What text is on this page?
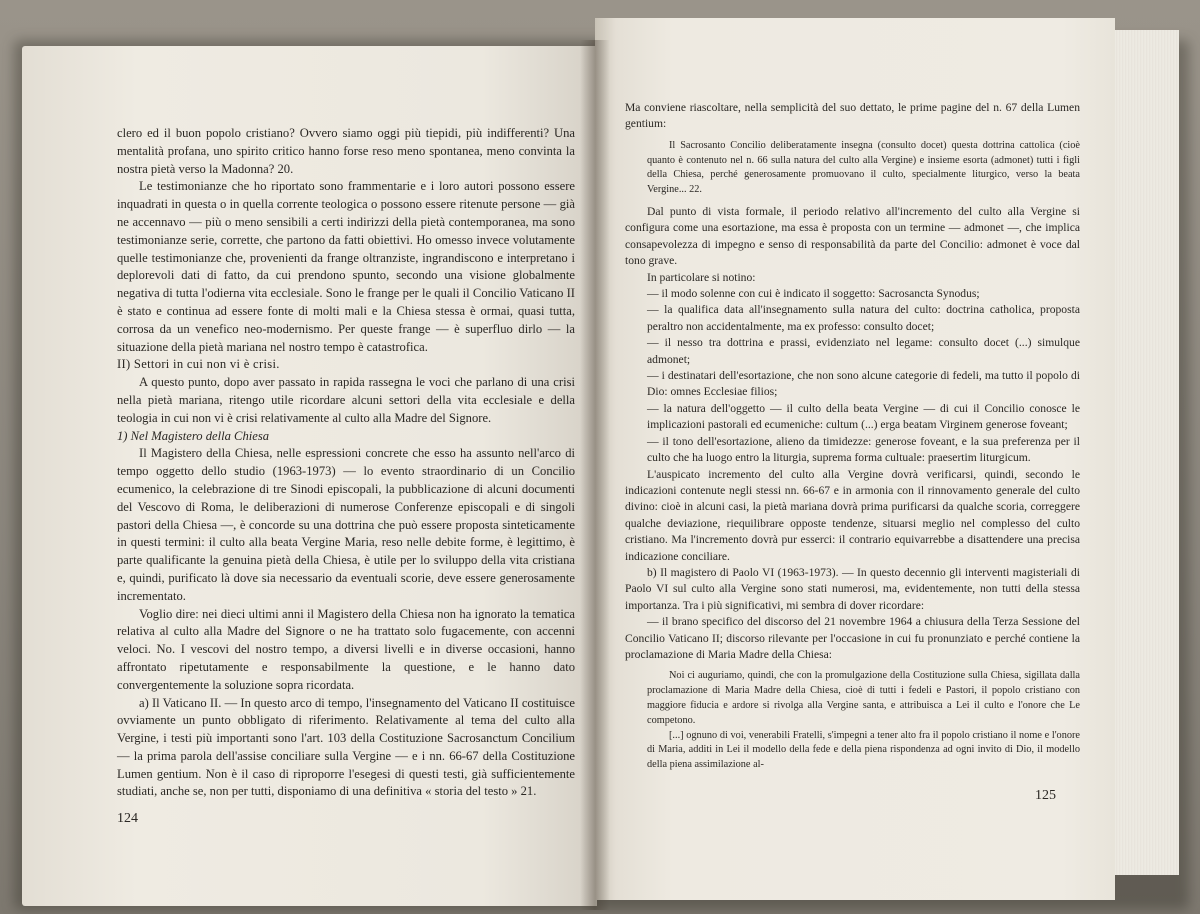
clero ed il buon popolo cristiano? Ovvero siamo oggi più tiepidi, più indifferenti? Una mentalità profana, uno spirito critico hanno forse reso meno spontanea, meno convinta la nostra pietà verso la Madonna? 20.

Le testimonianze che ho riportato sono frammentarie e i loro autori possono essere inquadrati in questa o in quella corrente teologica o possono essere ritenute persone — già ne accennavo — più o meno sensibili a certi indirizzi della pietà contemporanea, ma sono testimonianze serie, corrette, che partono da fatti obiettivi. Ho omesso invece volutamente quelle testimonianze che, provenienti da frange oltranziste, ingrandiscono e interpretano i deplorevoli dati di fatto, da cui prendono spunto, secondo una visione globalmente negativa di tutta l'odierna vita ecclesiale. Sono le frange per le quali il Concilio Vaticano II è stato e continua ad essere fonte di molti mali e la Chiesa stessa è ormai, quasi tutta, corrosa da un venefico neo-modernismo. Per queste frange — è superfluo dirlo — la situazione della pietà mariana nel nostro tempo è catastrofica.

II) Settori in cui non vi è crisi.

A questo punto, dopo aver passato in rapida rassegna le voci che parlano di una crisi nella pietà mariana, ritengo utile ricordare alcuni settori della vita ecclesiale e della teologia in cui non vi è crisi relativamente al culto alla Madre del Signore.

1) Nel Magistero della Chiesa

Il Magistero della Chiesa, nelle espressioni concrete che esso ha assunto nell'arco di tempo oggetto dello studio (1963-1973) — lo evento straordinario di un Concilio ecumenico, la celebrazione di tre Sinodi episcopali, la pubblicazione di alcuni documenti del Vescovo di Roma, le deliberazioni di numerose Conferenze episcopali e di singoli pastori della Chiesa —, è concorde su una dottrina che può essere proposta sinteticamente in questi termini: il culto alla beata Vergine Maria, reso nelle debite forme, è legittimo, è parte qualificante la genuina pietà della Chiesa, è utile per lo sviluppo della vita cristiana e, quindi, purificato là dove sia necessario da eventuali scorie, deve essere generosamente incrementato.

Voglio dire: nei dieci ultimi anni il Magistero della Chiesa non ha ignorato la tematica relativa al culto alla Madre del Signore o ne ha trattato solo fugacemente, con accenni veloci. No. I vescovi del nostro tempo, a diversi livelli e in diverse occasioni, hanno affrontato ripetutamente e responsabilmente la questione, e le hanno dato convergentemente la soluzione sopra ricordata.

a) Il Vaticano II. — In questo arco di tempo, l'insegnamento del Vaticano II costituisce ovviamente un punto obbligato di riferimento. Relativamente al tema del culto alla Vergine, i testi più importanti sono l'art. 103 della Costituzione Sacrosanctum Concilium — la prima parola dell'assise conciliare sulla Vergine — e i nn. 66-67 della Costituzione Lumen gentium. Non è il caso di riproporre l'esegesi di questi testi, già sufficientemente studiati, anche se, non per tutti, disponiamo di una definitiva « storia del testo » 21.

124

Ma conviene riascoltare, nella semplicità del suo dettato, le prime pagine del n. 67 della Lumen gentium:

Il Sacrosanto Concilio deliberatamente insegna (consulto docet) questa dottrina cattolica (cioè quanto è contenuto nel n. 66 sulla natura del culto alla Vergine) e insieme esorta (admonet) tutti i figli della Chiesa, perché generosamente promuovano il culto, specialmente liturgico, verso la beata Vergine... 22.

Dal punto di vista formale, il periodo relativo all'incremento del culto alla Vergine si configura come una esortazione, ma essa è proposta con un termine — admonet —, che implica consapevolezza di impegno e senso di responsabilità da parte del Concilio: admonet è voce dal tono grave.

In particolare si notino:

— il modo solenne con cui è indicato il soggetto: Sacrosancta Synodus;

— la qualifica data all'insegnamento sulla natura del culto: doctrina catholica, proposta peraltro non accidentalmente, ma ex professo: consulto docet;

— il nesso tra dottrina e prassi, evidenziato nel legame: consulto docet (...) simulque admonet;

— i destinatari dell'esortazione, che non sono alcune categorie di fedeli, ma tutto il popolo di Dio: omnes Ecclesiae filios;

— la natura dell'oggetto — il culto della beata Vergine — di cui il Concilio conosce le implicazioni pastorali ed ecumeniche: cultum (...) erga beatam Virginem generose foveant;

— il tono dell'esortazione, alieno da timidezze: generose foveant, e la sua preferenza per il culto che ha luogo entro la liturgia, suprema forma cultuale: praesertim liturgicum.

L'auspicato incremento del culto alla Vergine dovrà verificarsi, quindi, secondo le indicazioni contenute negli stessi nn. 66-67 e in armonia con il rinnovamento generale del culto divino: cioè in alcuni casi, la pietà mariana dovrà prima purificarsi da qualche scoria, correggere qualche deviazione, riequilibrare opposte tendenze, situarsi meglio nel complesso del culto cristiano. Ma l'incremento dovrà pur esserci: il contrario equivarrebbe a disattendere una precisa indicazione conciliare.

b) Il magistero di Paolo VI (1963-1973). — In questo decennio gli interventi magisteriali di Paolo VI sul culto alla Vergine sono stati numerosi, ma, evidentemente, non tutti della stessa importanza. Tra i più significativi, mi sembra di dover ricordare:

— il brano specifico del discorso del 21 novembre 1964 a chiusura della Terza Sessione del Concilio Vaticano II; discorso rilevante per l'occasione in cui fu pronunziato e perché contiene la proclamazione di Maria Madre della Chiesa:

Noi ci auguriamo, quindi, che con la promulgazione della Costituzione sulla Chiesa, sigillata dalla proclamazione di Maria Madre della Chiesa, cioè di tutti i fedeli e Pastori, il popolo cristiano con maggiore fiducia e ardore si rivolga alla Vergine santa, e attribuisca a Lei il culto e l'onore che Le competono.

[...] ognuno di voi, venerabili Fratelli, s'impegni a tener alto fra il popolo cristiano il nome e l'onore di Maria, additi in Lei il modello della fede e della piena rispondenza ad ogni invito di Dio, il modello della piena assimilazione al-

125
